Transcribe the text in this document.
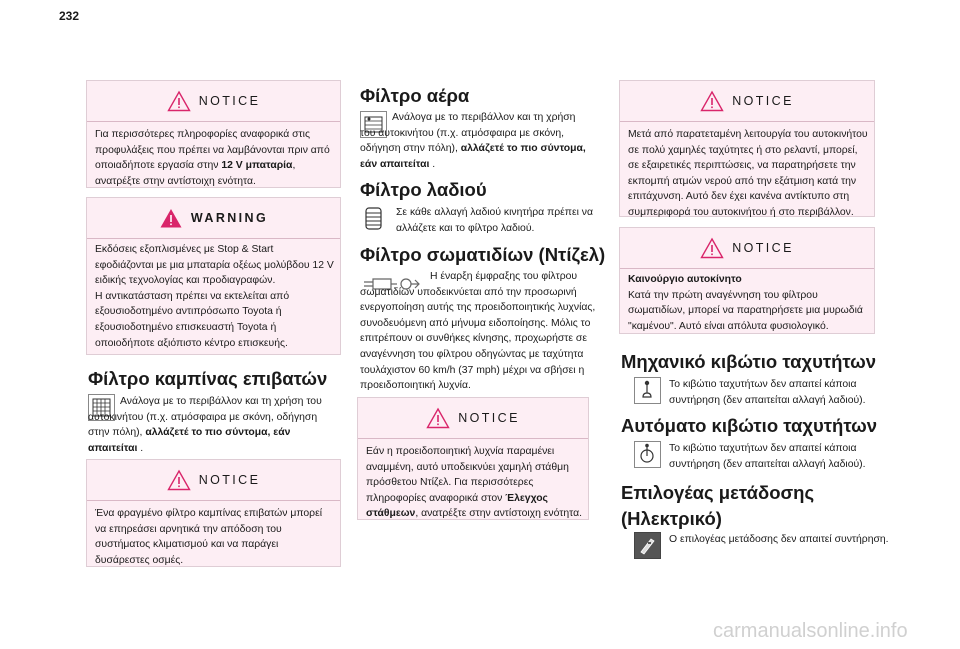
232
NOTICE

Για περισσότερες πληροφορίες αναφορικά στις προφυλάξεις που πρέπει να λαμβάνονται πριν από οποιαδήποτε εργασία στην 12 V μπαταρία, ανατρέξτε στην αντίστοιχη ενότητα.

WARNING

Εκδόσεις εξοπλισμένες με Stop & Start εφοδιάζονται με μια μπαταρία οξέως μολύβδου 12 V ειδικής τεχνολογίας και προδιαγραφών.

Η αντικατάσταση πρέπει να εκτελείται από εξουσιοδοτημένο αντιπρόσωπο Toyota ή εξουσιοδοτημένο επισκευαστή Toyota ή οποιοδήποτε αξιόπιστο κέντρο επισκευής.

Φίλτρο καμπίνας επιβατών
Ανάλογα με το περιβάλλον και τη χρήση του αυτοκινήτου (π.χ. ατμόσφαιρα με σκόνη, οδήγηση στην πόλη), αλλάζετέ το πιο σύντομα, εάν απαιτείται .
NOTICE

Ένα φραγμένο φίλτρο καμπίνας επιβατών μπορεί να επηρεάσει αρνητικά την απόδοση του συστήματος κλιματισμού και να παράγει δυσάρεστες οσμές.

Φίλτρο αέρα
Ανάλογα με το περιβάλλον και τη χρήση του αυτοκινήτου (π.χ. ατμόσφαιρα με σκόνη, οδήγηση στην πόλη), αλλάζετέ το πιο σύντομα, εάν απαιτείται .
Φίλτρο λαδιού
Σε κάθε αλλαγή λαδιού κινητήρα πρέπει να αλλάζετε και το φίλτρο λαδιού.
Φίλτρο σωματιδίων (Ντίζελ)
Η έναρξη έμφραξης του φίλτρου σωματιδίων υποδεικνύεται από την προσωρινή ενεργοποίηση αυτής της προειδοποιητικής λυχνίας, συνοδευόμενη από μήνυμα ειδοποίησης. Μόλις το επιτρέπουν οι συνθήκες κίνησης, προχωρήστε σε αναγέννηση του φίλτρου οδηγώντας με ταχύτητα τουλάχιστον 60 km/h (37 mph) μέχρι να σβήσει η προειδοποιητική λυχνία.
NOTICE

Εάν η προειδοποιητική λυχνία παραμένει αναμμένη, αυτό υποδεικνύει χαμηλή στάθμη πρόσθετου Ντίζελ. Για περισσότερες πληροφορίες αναφορικά στον Έλεγχος στάθμεων, ανατρέξτε στην αντίστοιχη ενότητα.

NOTICE

Μετά από παρατεταμένη λειτουργία του αυτοκινήτου σε πολύ χαμηλές ταχύτητες ή στο ρελαντί, μπορεί, σε εξαιρετικές περιπτώσεις, να παρατηρήσετε την εκπομπή ατμών νερού από την εξάτμιση κατά την επιτάχυνση. Αυτό δεν έχει κανένα αντίκτυπο στη συμπεριφορά του αυτοκινήτου ή στο περιβάλλον.

NOTICE

Καινούργιο αυτοκίνητο

Κατά την πρώτη αναγέννηση του φίλτρου σωματιδίων, μπορεί να παρατηρήσετε μια μυρωδιά "καμένου". Αυτό είναι απόλυτα φυσιολογικό.

Μηχανικό κιβώτιο ταχυτήτων
Το κιβώτιο ταχυτήτων δεν απαιτεί κάποια συντήρηση (δεν απαιτείται αλλαγή λαδιού).
Αυτόματο κιβώτιο ταχυτήτων
Το κιβώτιο ταχυτήτων δεν απαιτεί κάποια συντήρηση (δεν απαιτείται αλλαγή λαδιού).
Επιλογέας μετάδοσης
(Ηλεκτρικό)
Ο επιλογέας μετάδοσης δεν απαιτεί συντήρηση.
carmanualsonline.info
